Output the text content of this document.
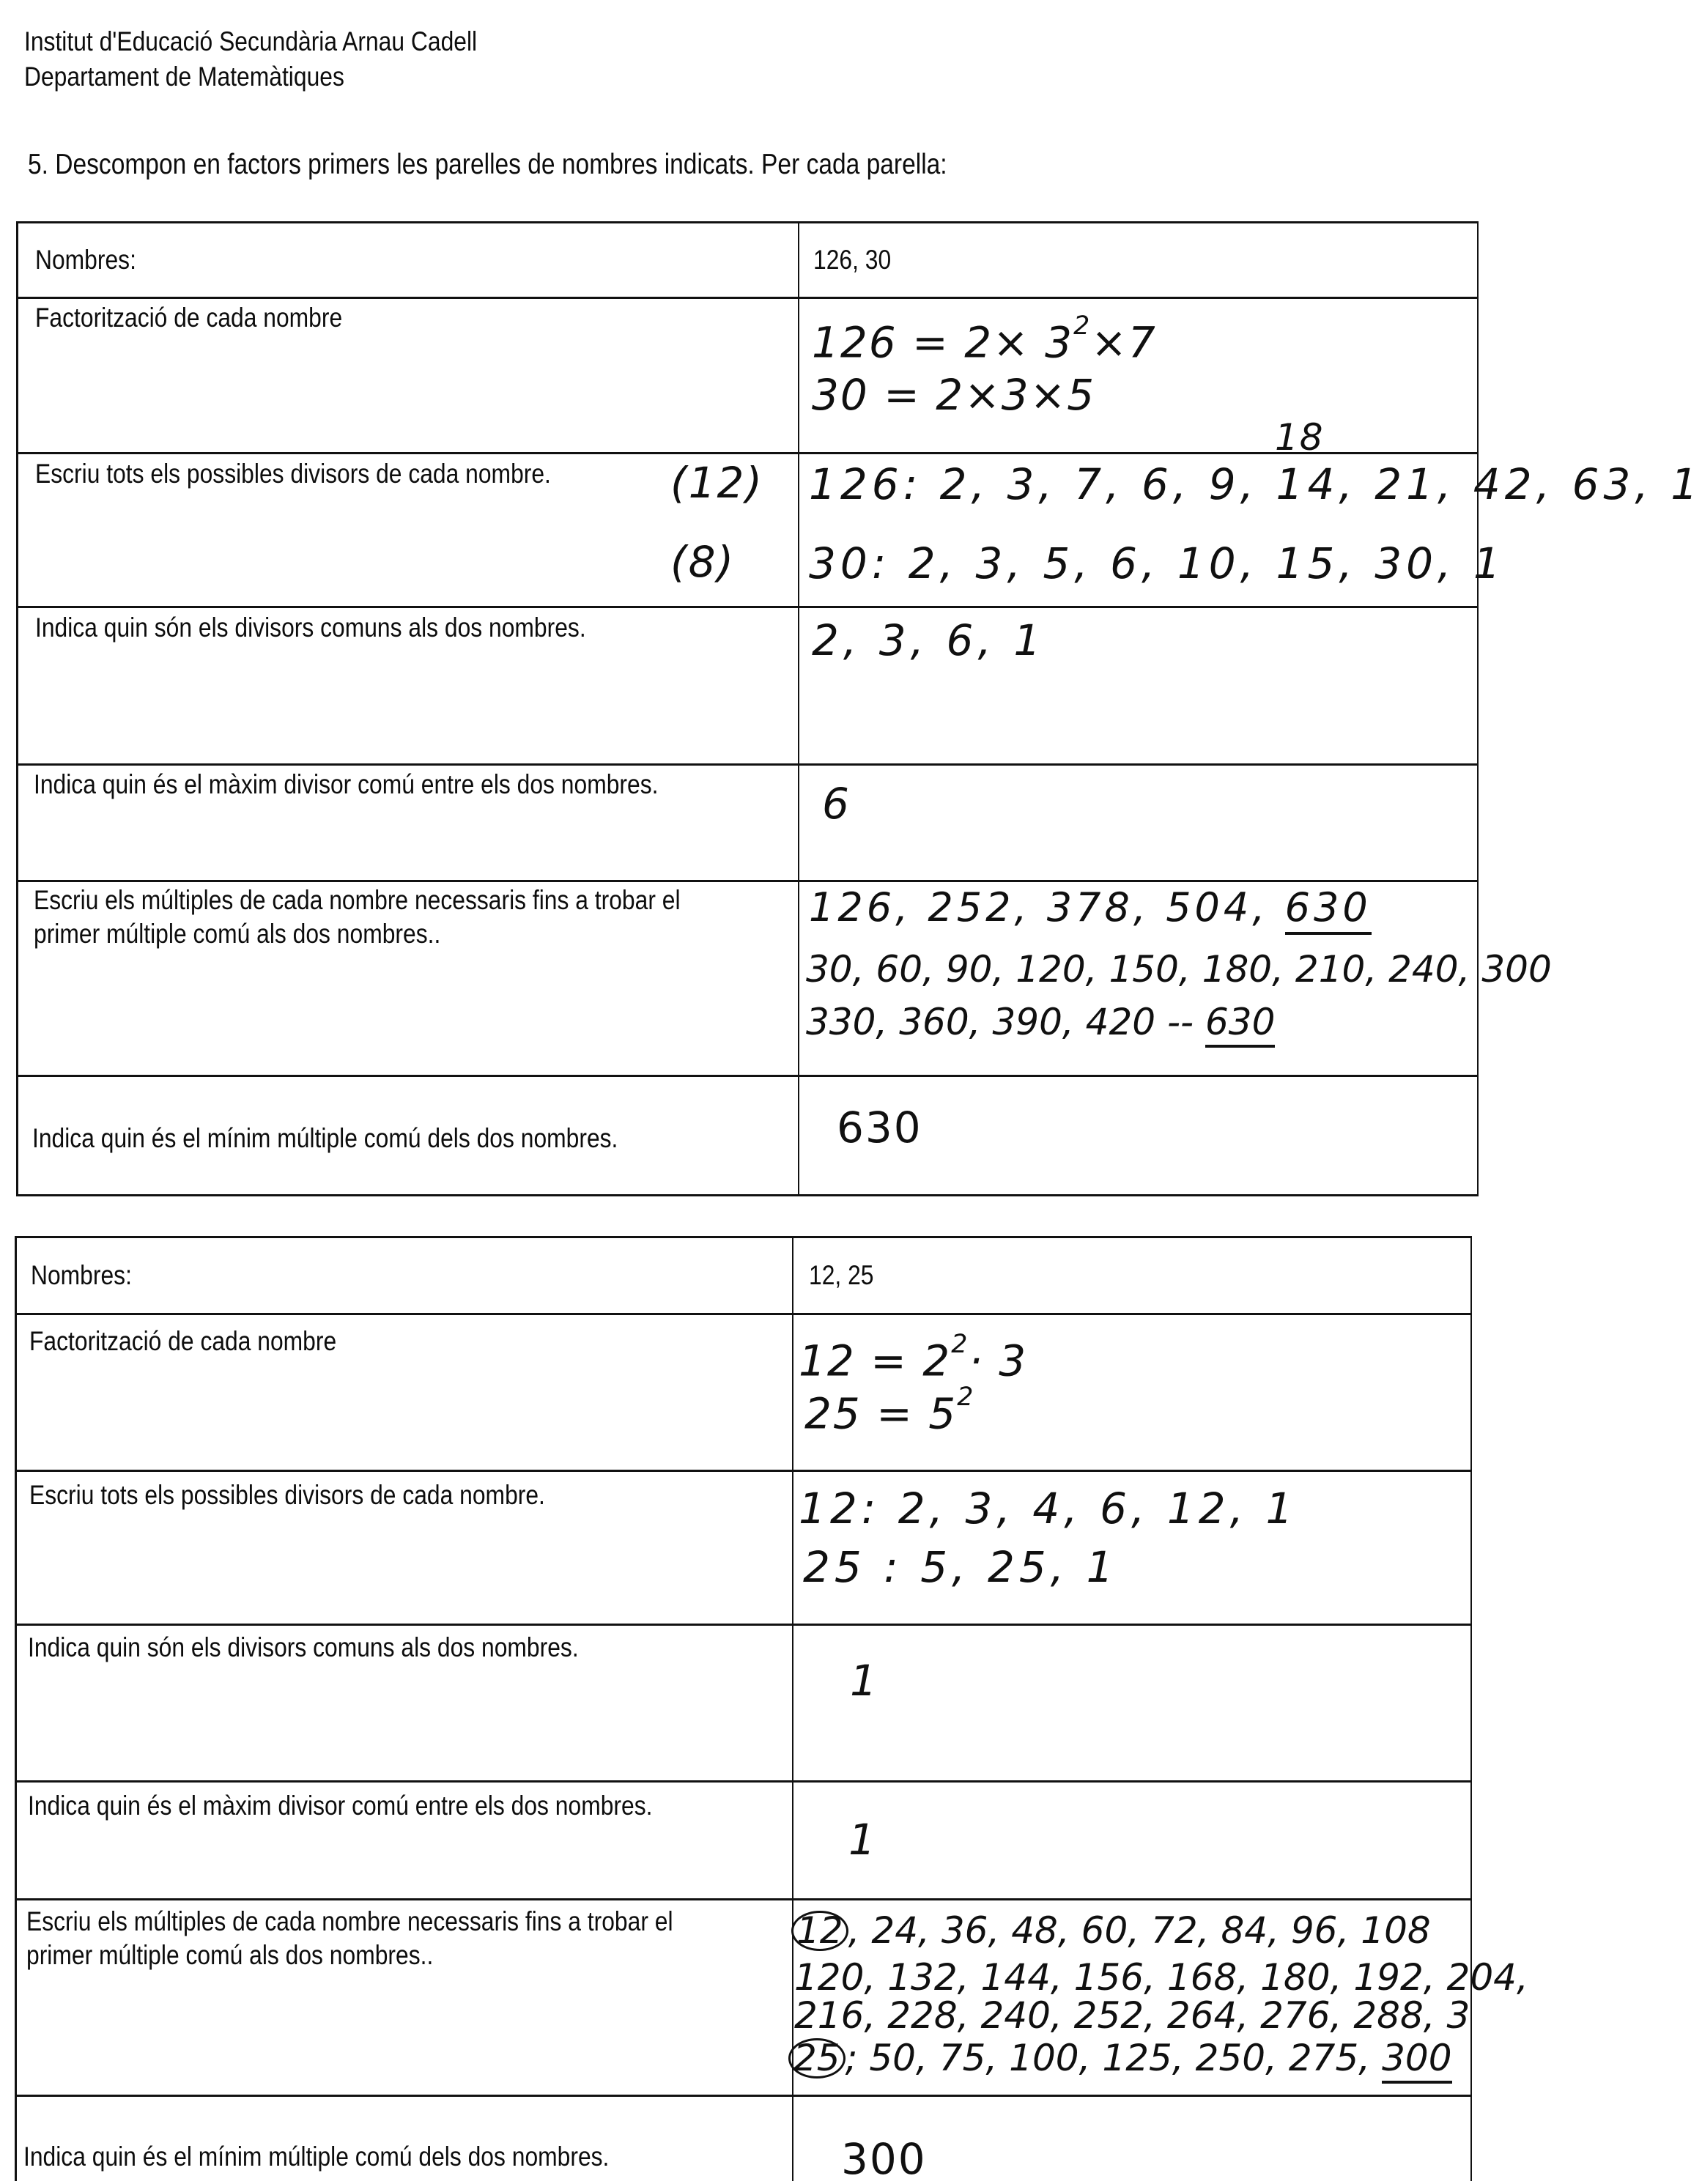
Institut d'Educació Secundària Arnau Cadell
Departament de Matemàtiques
5. Descompon en factors primers les parelles de nombres indicats. Per cada parella:
Nombres:
Factorització de cada nombre
Escriu tots els possibles divisors de cada nombre.
Indica quin són els divisors comuns als dos nombres.
Indica quin és el màxim divisor comú entre els dos nombres.
Escriu els múltiples de cada nombre necessaris fins a trobar el
primer múltiple comú als dos nombres..
Indica quin és el mínim múltiple comú dels dos nombres.
126, 30
$126 = 2\times 3^2\times 7$
30 = 2×3×5
18
(12)
(8)
126: 2, 3, 7, 6, 9, 14, 21, 42, 63, 1
30: 2, 3, 5, 6, 10, 15, 30, 1
2, 3, 6, 1
6
126, 252, 378, 504, 630
30, 60, 90, 120, 150, 180, 210, 240, 300
330, 360, 390, 420 -- 630
630
Nombres:
Factorització de cada nombre
Escriu tots els possibles divisors de cada nombre.
Indica quin són els divisors comuns als dos nombres.
Indica quin és el màxim divisor comú entre els dos nombres.
Escriu els múltiples de cada nombre necessaris fins a trobar el
primer múltiple comú als dos nombres..
Indica quin és el mínim múltiple comú dels dos nombres.
12, 25
$12 = 2^2\cdot 3$
$25 = 5^2$
12: 2, 3, 4, 6, 12, 1
25 : 5, 25, 1
1
1
12 , 24, 36, 48, 60, 72, 84, 96, 108
120, 132, 144, 156, 168, 180, 192, 204,
216, 228, 240, 252, 264, 276, 288, 3
25 ; 50, 75, 100, 125, 250, 275, 300
300
